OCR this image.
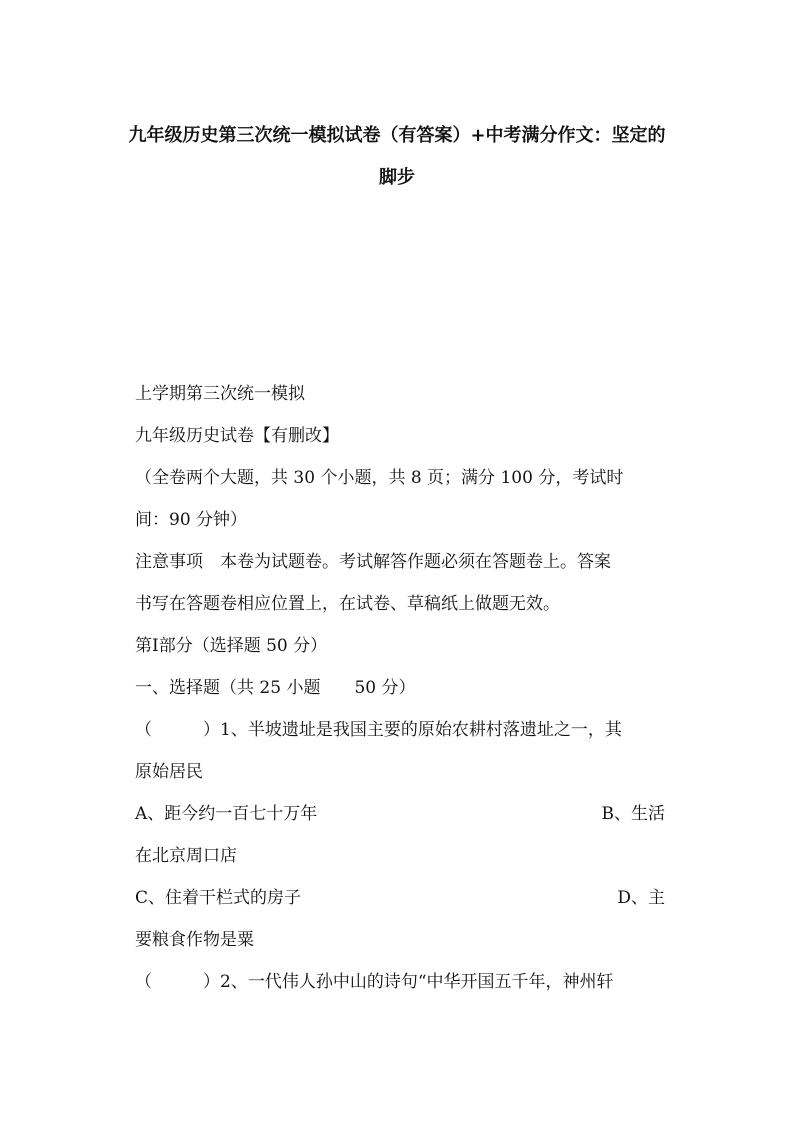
九年级历史第三次统一模拟试卷（有答案）+中考满分作文：坚定的
脚步
上学期第三次统一模拟
九年级历史试卷【有删改】
（全卷两个大题，共 30 个小题，共 8 页；满分 100 分，考试时
间：90 分钟）
注意事项　本卷为试题卷。考试解答作题必须在答题卷上。答案
书写在答题卷相应位置上，在试卷、草稿纸上做题无效。
第Ⅰ部分（选择题 50 分）
一、选择题（共 25 小题　　50 分）
（　　　）1、半坡遗址是我国主要的原始农耕村落遗址之一，其
原始居民
A、距今约一百七十万年	B、生活
在北京周口店
C、住着干栏式的房子	D、主
要粮食作物是粟
（　　　）2、一代伟人孙中山的诗句“中华开国五千年，神州轩
